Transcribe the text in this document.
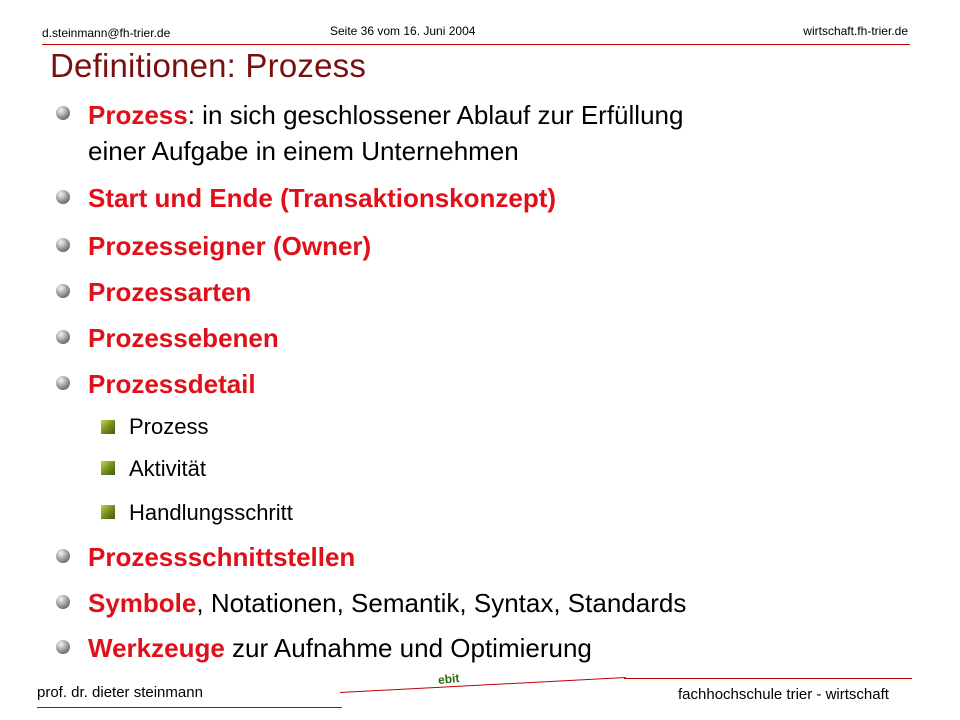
d.steinmann@fh-trier.de	Seite 36 vom 16. Juni 2004	wirtschaft.fh-trier.de
Definitionen: Prozess
Prozess: in sich geschlossener Ablauf zur Erfüllung
einer Aufgabe in einem Unternehmen
Start und Ende (Transaktionskonzept)
Prozesseigner (Owner)
Prozessarten
Prozessebenen
Prozessdetail
Prozess
Aktivität
Handlungsschritt
Prozessschnittstellen
Symbole, Notationen, Semantik, Syntax, Standards
Werkzeuge zur Aufnahme und Optimierung
prof. dr. dieter steinmann
ebit
fachhochschule trier - wirtschaft
